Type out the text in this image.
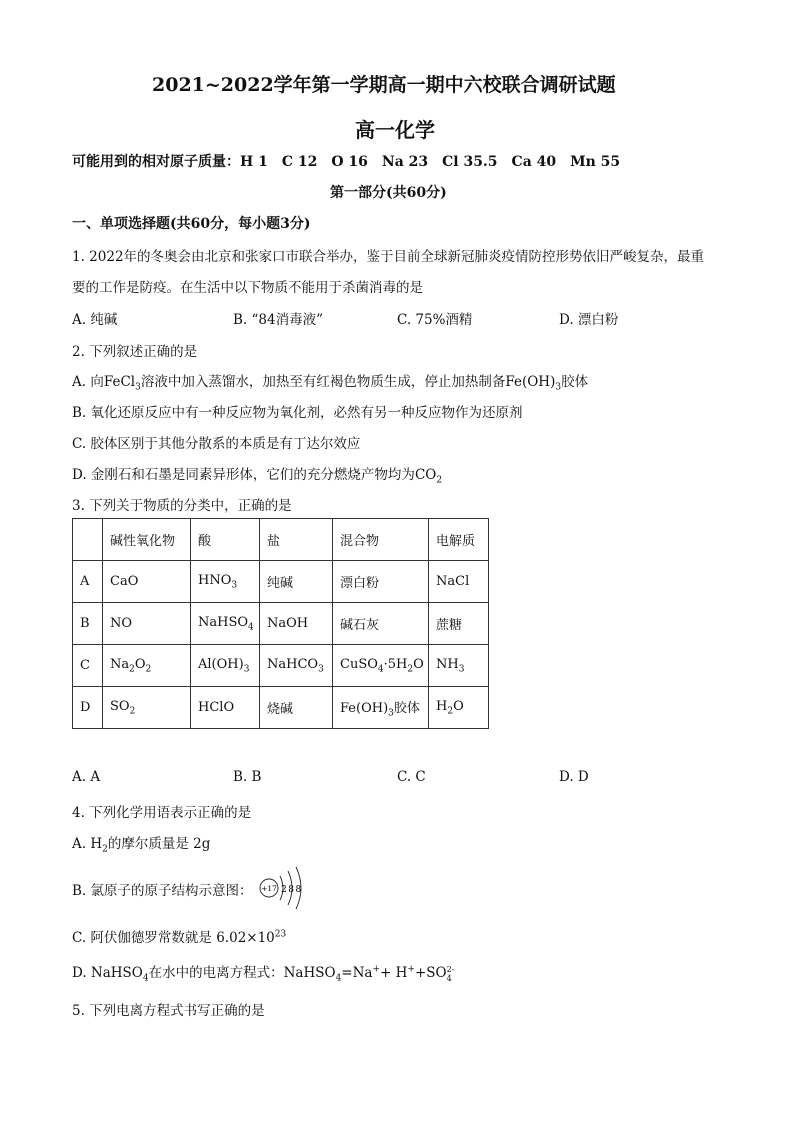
2021~2022学年第一学期高一期中六校联合调研试题
高一化学
可能用到的相对原子质量：H 1　C 12　O 16　Na 23　Cl 35.5　Ca 40　Mn 55
第一部分(共60分)
一、单项选择题(共60分，每小题3分)
1. 2022年的冬奥会由北京和张家口市联合举办，鉴于目前全球新冠肺炎疫情防控形势依旧严峻复杂，最重
要的工作是防疫。在生活中以下物质不能用于杀菌消毒的是
A. 纯碱	B. “84消毒液”	C. 75%酒精	D. 漂白粉
2. 下列叙述正确的是
A. 向FeCl$_3$溶液中加入蒸馏水，加热至有红褐色物质生成，停止加热制备$Fe(OH)_3$胶体
B. 氧化还原反应中有一种反应物为氧化剂，必然有另一种反应物作为还原剂
C. 胶体区别于其他分散系的本质是有丁达尔效应
D. 金刚石和石墨是同素异形体，它们的充分燃烧产物均为$CO_2$
3. 下列关于物质的分类中，正确的是
	碱性氧化物	酸	盐	混合物	电解质
A	CaO	$HNO_3$	纯碱	漂白粉	NaCl
B	NO	NaHSO$_4$	NaOH	碱石灰	蔗糖
C	$Na_2O_2$	$Al(OH)_3$	NaHCO$_3$	$CuSO_4\cdot 5H_2O$	$NH_3$
D	$SO_2$	HClO	烧碱	$Fe(OH)_3$胶体	$H_2O$
A. A	B. B	C. C	D. D
4. 下列化学用语表示正确的是
A. $H_2$的摩尔质量是 2g
B. 氯原子的原子结构示意图： +17 288
C. 阿伏伽德罗常数就是 $6.02\times 10^{23}$
D. NaHSO$_4$在水中的电离方程式：NaHSO$_4$=Na++ H++SO 2-
4
5. 下列电离方程式书写正确的是
